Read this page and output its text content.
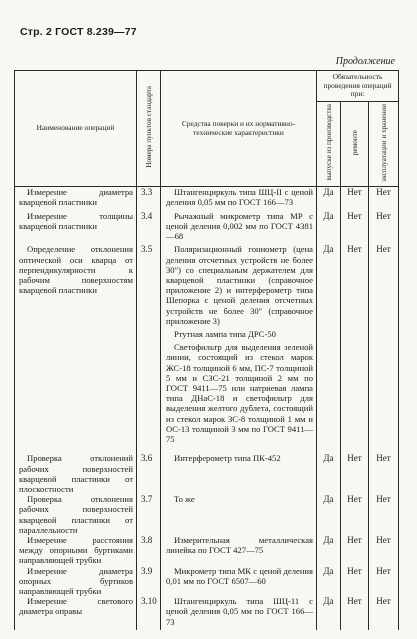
Стр. 2 ГОСТ 8.239—77
Продолжение
Наименование операций	Номера пунктов стандарта	Средства поверки и их нормативно-технические характеристики	Обязательность проведения операций при:		
			выпуске из производства	ремонте	эксплуатации и хранении
Измерение диаметра кварцевой пластинки	3.3	Штангенциркуль типа ШЦ-II с ценой деления 0,05 мм по ГОСТ 166—73	Да	Нет	Нет
Измерение толщины кварцевой пластинки	3.4	Рычажный микрометр типа МР с ценой деления 0,002 мм по ГОСТ 4381—68	Да	Нет	Нет
Определение отклонения оптической оси кварца от перпендикулярности к рабочим поверхностям кварцевой пластинки	3.5	Поляризационный гониометр (цена деления отсчетных устройств не более 30″) со специальным держателем для кварцевой пластинки (справочное приложение 2) и интерферометр типа Шепорка с ценой деления отсчетных устройств не более 30″ (справочное приложение 3)
Ртутная лампа типа ДРС-50
Светофильтр для выделения зеленой линии, состоящий из стекол марок ЖС-18 толщиной 6 мм, ПС-7 толщиной 5 мм и СЗС-21 толщиной 2 мм по ГОСТ 9411—75 или натриевая лампа типа ДНаС-18 и светофильтр для выделения желтого дублета, состоящий из стекол марок ЗС-8 толщиной 1 мм и ОС-13 толщиной 3 мм по ГОСТ 9411—75	Да	Нет	Нет
Проверка отклонений рабочих поверхностей кварцевой пластинки от плоскостности	3.6	Интерферометр типа ПК-452	Да	Нет	Нет
Проверка отклонения рабочих поверхностей кварцевой пластинки от параллельности	3.7	То же	Да	Нет	Нет
Измерение расстояния между опорными буртиками направляющей трубки	3.8	Измерительная металлическая линейка по ГОСТ 427—75	Да	Нет	Нет
Измерение диаметра опорных буртиков направляющей трубки	3.9	Микрометр типа МК с ценой деления 0,01 мм по ГОСТ 6507—60	Да	Нет	Нет
Измерение светового диаметра оправы	3.10	Штангенциркуль типа ШЦ-11 с ценой деления 0,05 мм по ГОСТ 166—73	Да	Нет	Нет
